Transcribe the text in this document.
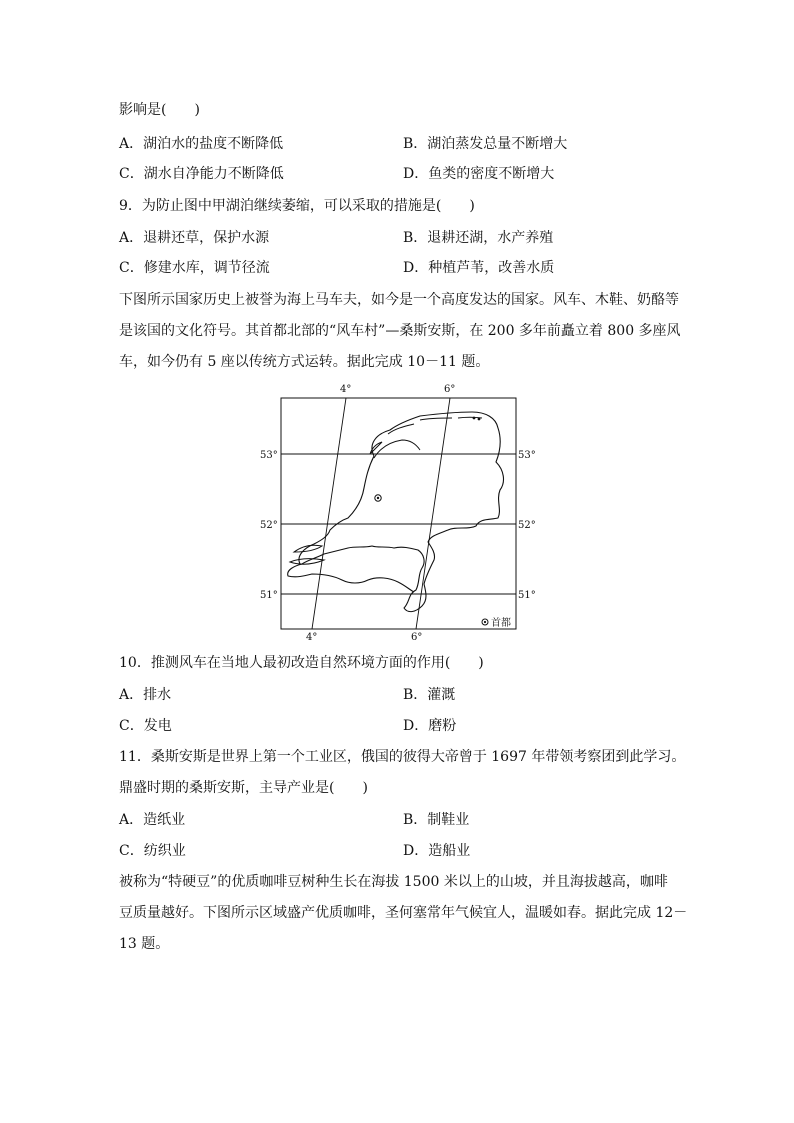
影响是(　　)
A．湖泊水的盐度不断降低	B．湖泊蒸发总量不断增大
C．湖水自净能力不断降低	D．鱼类的密度不断增大
9．为防止图中甲湖泊继续萎缩，可以采取的措施是(　　)
A．退耕还草，保护水源	B．退耕还湖，水产养殖
C．修建水库，调节径流	D．种植芦苇，改善水质
下图所示国家历史上被誉为海上马车夫，如今是一个高度发达的国家。风车、木鞋、奶酪等
是该国的文化符号。其首都北部的“风车村”—桑斯安斯，在 200 多年前矗立着 800 多座风
车，如今仍有 5 座以传统方式运转。据此完成 10－11 题。
4°	6°
4°	6°
53°
52°
51°
53°
52°
51°
首都
10．推测风车在当地人最初改造自然环境方面的作用(　　)
A．排水	B．灌溉
C．发电	D．磨粉
11．桑斯安斯是世界上第一个工业区，俄国的彼得大帝曾于 1697 年带领考察团到此学习。
鼎盛时期的桑斯安斯，主导产业是(　　)
A．造纸业	B．制鞋业
C．纺织业	D．造船业
被称为“特硬豆”的优质咖啡豆树种生长在海拔 1500 米以上的山坡，并且海拔越高，咖啡
豆质量越好。下图所示区域盛产优质咖啡，圣何塞常年气候宜人，温暖如春。据此完成 12－
13 题。
